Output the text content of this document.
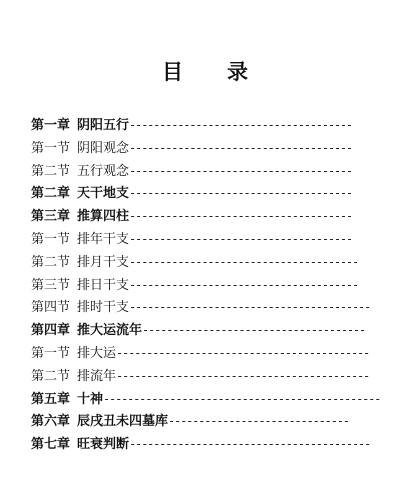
目 录
第一章 阴阳五行-------------------------------------
第一节 阴阳观念-------------------------------------
第二节 五行观念-------------------------------------
第二章 天干地支-------------------------------------
第三章 推算四柱-------------------------------------
第一节 排年干支-------------------------------------
第二节 排月干支--------------------------------------
第三节 排日干支--------------------------------------
第四节 排时干支----------------------------------------
第四章 推大运流年-------------------------------------
第一节 排大运------------------------------------------
第二节 排流年------------------------------------------
第五章 十神----------------------------------------------
第六章 辰戌丑未四墓库------------------------------
第七章 旺衰判断----------------------------------------
